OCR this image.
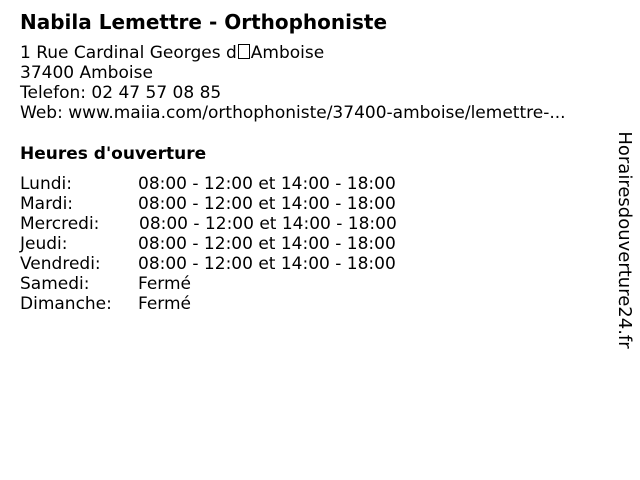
Nabila Lemettre - Orthophoniste
1 Rue Cardinal Georges d Amboise
37400 Amboise
Telefon: 02 47 57 08 85
Web: www.maiia.com/orthophoniste/37400-amboise/lemettre-...
Heures d'ouverture
Lundi:	08:00 - 12:00 et 14:00 - 18:00
Mardi:	08:00 - 12:00 et 14:00 - 18:00
Mercredi: 08:00 - 12:00 et 14:00 - 18:00
Jeudi:	08:00 - 12:00 et 14:00 - 18:00
Vendredi: 08:00 - 12:00 et 14:00 - 18:00
Samedi:	Fermé
Dimanche: Fermé	Horairesdouverture24.fr
